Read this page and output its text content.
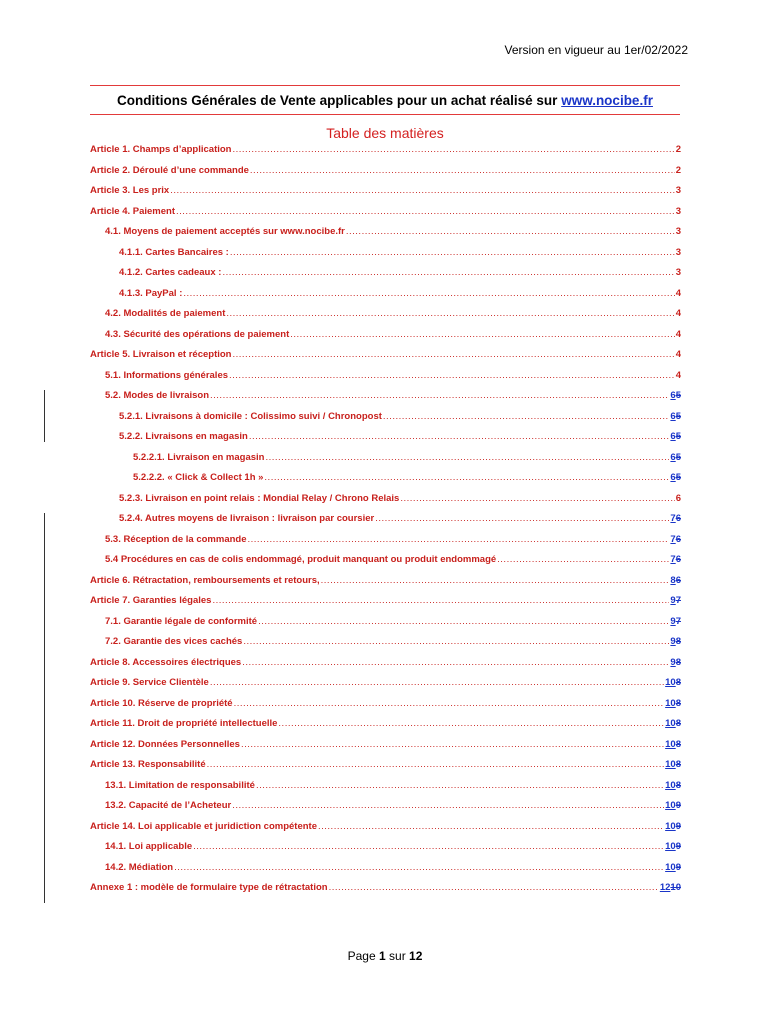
Version en vigueur au 1er/02/2022
Conditions Générales de Vente applicables pour un achat réalisé sur www.nocibe.fr
Table des matières
Article 1. Champs d’application .....	2
Article 2. Déroulé d’une commande .....	2
Article 3. Les prix .....	3
Article 4. Paiement .....	3
4.1. Moyens de paiement acceptés sur www.nocibe.fr .....	3
4.1.1. Cartes Bancaires : .....	3
4.1.2. Cartes cadeaux : .....	3
4.1.3. PayPal : .....	4
4.2. Modalités de paiement .....	4
4.3. Sécurité des opérations de paiement .....	4
Article 5. Livraison et réception .....	4
5.1. Informations générales .....	4
5.2. Modes de livraison .....	65
5.2.1. Livraisons à domicile : Colissimo suivi / Chronopost .....	65
5.2.2. Livraisons en magasin .....	65
5.2.2.1. Livraison en magasin .....	65
5.2.2.2. « Click & Collect 1h » .....	65
5.2.3. Livraison en point relais : Mondial Relay / Chrono Relais .....	6
5.2.4. Autres moyens de livraison : livraison par coursier .....	76
5.3. Réception de la commande .....	76
5.4 Procédures en cas de colis endommagé, produit manquant ou produit endommagé .....	76
Article 6. Rétractation, remboursements et retours, .....	86
Article 7. Garanties légales .....	97
7.1. Garantie légale de conformité .....	97
7.2. Garantie des vices cachés .....	98
Article 8. Accessoires électriques .....	98
Article 9. Service Clientèle .....	108
Article 10. Réserve de propriété .....	108
Article 11. Droit de propriété intellectuelle .....	108
Article 12. Données Personnelles .....	108
Article 13. Responsabilité .....	108
13.1. Limitation de responsabilité .....	108
13.2. Capacité de l’Acheteur .....	109
Article 14. Loi applicable et juridiction compétente .....	109
14.1. Loi applicable .....	109
14.2. Médiation .....	109
Annexe 1 : modèle de formulaire type de rétractation .....	1210
Page 1 sur 12
